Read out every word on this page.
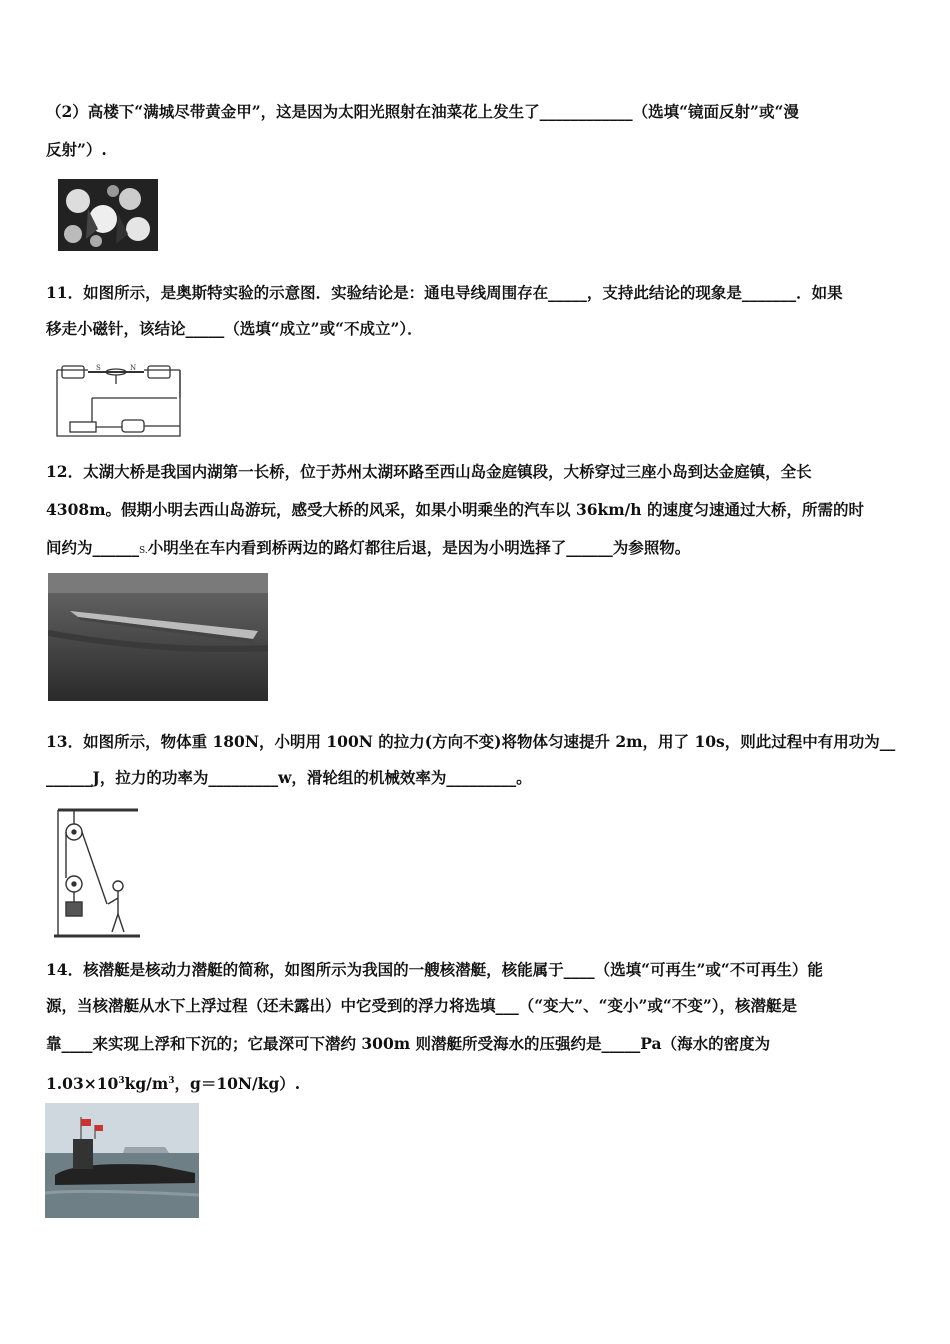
（2）高楼下“满城尽带黄金甲”，这是因为太阳光照射在油菜花上发生了____________（选填“镜面反射”或“漫
反射”）.
11．如图所示，是奥斯特实验的示意图．实验结论是：通电导线周围存在_____，支持此结论的现象是_______．如果
移走小磁针，该结论_____（选填“成立”或“不成立”）．
S	N
12．太湖大桥是我国内湖第一长桥，位于苏州太湖环路至西山岛金庭镇段，大桥穿过三座小岛到达金庭镇，全长
4308m。假期小明去西山岛游玩，感受大桥的风采，如果小明乘坐的汽车以 36km/h 的速度匀速通过大桥，所需的时
间约为______S.小明坐在车内看到桥两边的路灯都往后退，是因为小明选择了______为参照物。
13．如图所示，物体重 180N，小明用 100N 的拉力(方向不变)将物体匀速提升 2m，用了 10s，则此过程中有用功为__
______J，拉力的功率为_________w，滑轮组的机械效率为_________。
14．核潜艇是核动力潜艇的简称，如图所示为我国的一艘核潜艇，核能属于____（选填“可再生”或“不可再生）能
源，当核潜艇从水下上浮过程（还未露出）中它受到的浮力将选填___（“变大”、“变小”或“不变”），核潜艇是
靠____来实现上浮和下沉的；它最深可下潜约 300m 则潜艇所受海水的压强约是_____Pa（海水的密度为
$1.03\times 10^3kg/m^3$，g＝10N/kg）.
